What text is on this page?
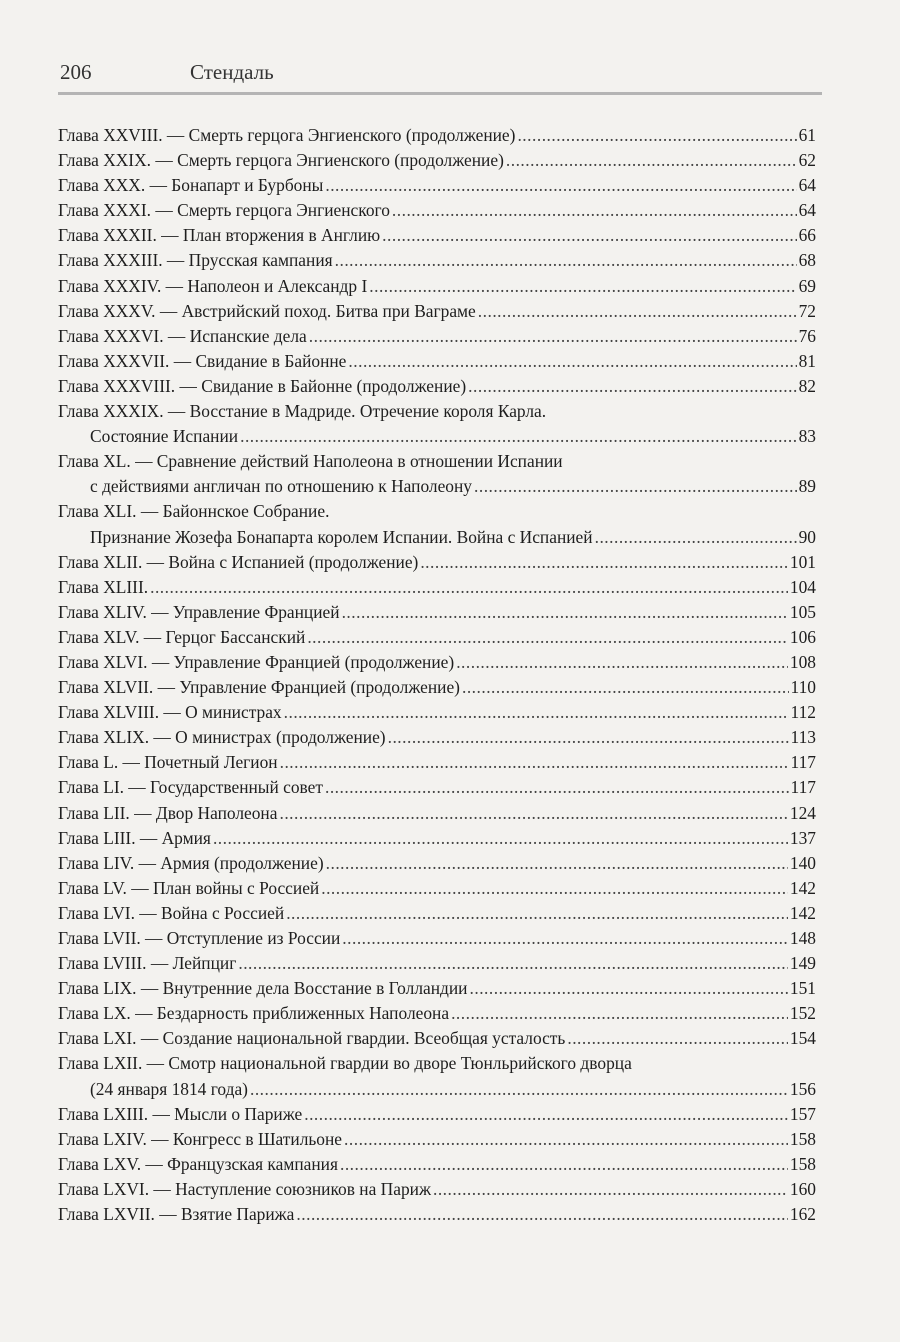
206	Стендаль
Глава XXVIII. — Смерть герцога Энгиенского (продолжение) .....	61
Глава XXIX. — Смерть герцога Энгиенского (продолжение) .....	62
Глава XXX. — Бонапарт и Бурбоны .....	64
Глава XXXI. — Смерть герцога Энгиенского .....	64
Глава XXXII. — План вторжения в Англию .....	66
Глава XXXIII. — Прусская кампания .....	68
Глава XXXIV. — Наполеон и Александр I .....	69
Глава XXXV. — Австрийский поход. Битва при Ваграме .....	72
Глава XXXVI. — Испанские дела .....	76
Глава XXXVII. — Свидание в Байонне .....	81
Глава XXXVIII. — Свидание в Байонне (продолжение) .....	82
Глава XXXIX. — Восстание в Мадриде. Отречение короля Карла.
Состояние Испании .....	83
Глава XL. — Сравнение действий Наполеона в отношении Испании
с действиями англичан по отношению к Наполеону .....	89
Глава XLI. — Байоннское Собрание.
Признание Жозефа Бонапарта королем Испании. Война с Испанией .....	90
Глава XLII. — Война с Испанией (продолжение) .....	101
Глава XLIII. .....	104
Глава XLIV. — Управление Францией .....	105
Глава XLV. — Герцог Бассанский .....	106
Глава XLVI. — Управление Францией (продолжение) .....	108
Глава XLVII. — Управление Францией (продолжение) .....	110
Глава XLVIII. — О министрах .....	112
Глава XLIX. — О министрах (продолжение) .....	113
Глава L. — Почетный Легион .....	117
Глава LI. — Государственный совет .....	117
Глава LII. — Двор Наполеона .....	124
Глава LIII. — Армия .....	137
Глава LIV. — Армия (продолжение) .....	140
Глава LV. — План войны с Россией .....	142
Глава LVI. — Война с Россией .....	142
Глава LVII. — Отступление из России .....	148
Глава LVIII. — Лейпциг .....	149
Глава LIX. — Внутренние дела Восстание в Голландии .....	151
Глава LX. — Бездарность приближенных Наполеона .....	152
Глава LXI. — Создание национальной гвардии. Всеобщая усталость .....	154
Глава LXII. — Смотр национальной гвардии во дворе Тюнльрийского дворца
(24 января 1814 года) .....	156
Глава LXIII. — Мысли о Париже .....	157
Глава LXIV. — Конгресс в Шатильоне .....	158
Глава LXV. — Французская кампания .....	158
Глава LXVI. — Наступление союзников на Париж .....	160
Глава LXVII. — Взятие Парижа .....	162
